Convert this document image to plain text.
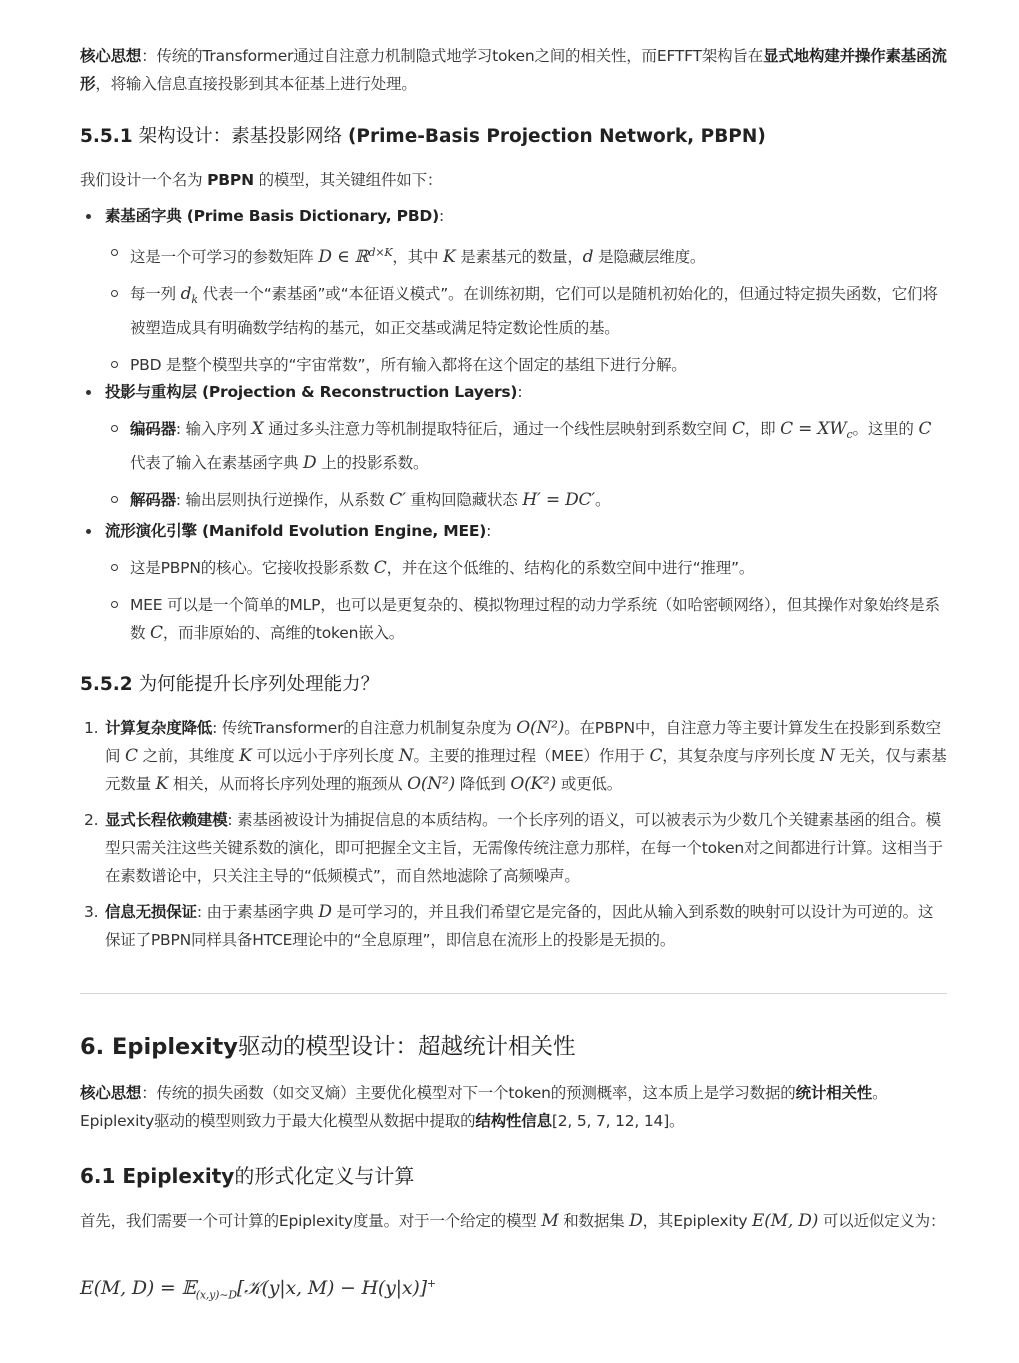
核心思想：传统的Transformer通过自注意力机制隐式地学习token之间的相关性，而EFTFT架构旨在显式地构建并操作素基函流形，将输入信息直接投影到其本征基上进行处理。

5.5.1 架构设计：素基投影网络 (Prime-Basis Projection Network, PBPN)

我们设计一个名为 PBPN 的模型，其关键组件如下：

素基函字典 (Prime Basis Dictionary, PBD):

这是一个可学习的参数矩阵 D ∈ ℝ$^{d\times K}$，其中 K 是素基元的数量，d 是隐藏层维度。

每一列 $d_k$ 代表一个“素基函”或“本征语义模式”。在训练初期，它们可以是随机初始化的，但通过特定损失函数，它们将被塑造成具有明确数学结构的基元，如正交基或满足特定数论性质的基。

PBD 是整个模型共享的“宇宙常数”，所有输入都将在这个固定的基组下进行分解。

投影与重构层 (Projection & Reconstruction Layers):

编码器: 输入序列 X 通过多头注意力等机制提取特征后，通过一个线性层映射到系数空间 C，即 $C = XW_c$。这里的 C 代表了输入在素基函字典 D 上的投影系数。

解码器: 输出层则执行逆操作，从系数 C′ 重构回隐藏状态 H′ = DC′。

流形演化引擎 (Manifold Evolution Engine, MEE):

这是PBPN的核心。它接收投影系数 C，并在这个低维的、结构化的系数空间中进行“推理”。

MEE 可以是一个简单的MLP，也可以是更复杂的、模拟物理过程的动力学系统（如哈密顿网络），但其操作对象始终是系数 C，而非原始的、高维的token嵌入。

5.5.2 为何能提升长序列处理能力？
1. 计算复杂度降低: 传统Transformer的自注意力机制复杂度为 O(N²)。在PBPN中，自注意力等主要计算发生在投影到系数空间 C 之前，其维度 K 可以远小于序列长度 N。主要的推理过程（MEE）作用于 C，其复杂度与序列长度 N 无关，仅与素基元数量 K 相关，从而将长序列处理的瓶颈从 O(N²) 降低到 O(K²) 或更低。

2. 显式长程依赖建模: 素基函被设计为捕捉信息的本质结构。一个长序列的语义，可以被表示为少数几个关键素基函的组合。模型只需关注这些关键系数的演化，即可把握全文主旨，无需像传统注意力那样，在每一个token对之间都进行计算。这相当于在素数谱论中，只关注主导的“低频模式”，而自然地滤除了高频噪声。

3. 信息无损保证: 由于素基函字典 D 是可学习的，并且我们希望它是完备的，因此从输入到系数的映射可以设计为可逆的。这保证了PBPN同样具备HTCE理论中的“全息原理”，即信息在流形上的投影是无损的。

6. Epiplexity驱动的模型设计：超越统计相关性

核心思想：传统的损失函数（如交叉熵）主要优化模型对下一个token的预测概率，这本质上是学习数据的统计相关性。Epiplexity驱动的模型则致力于最大化模型从数据中提取的结构性信息[2, 5, 7, 12, 14]。

6.1 Epiplexity的形式化定义与计算

首先，我们需要一个可计算的Epiplexity度量。对于一个给定的模型 M 和数据集 D，其Epiplexity E(M, D) 可以近似定义为：

E(M, D) = 𝔼$_{(x,y)\sim D}$[𝒦(y|x, M) − H(y|x)]+
